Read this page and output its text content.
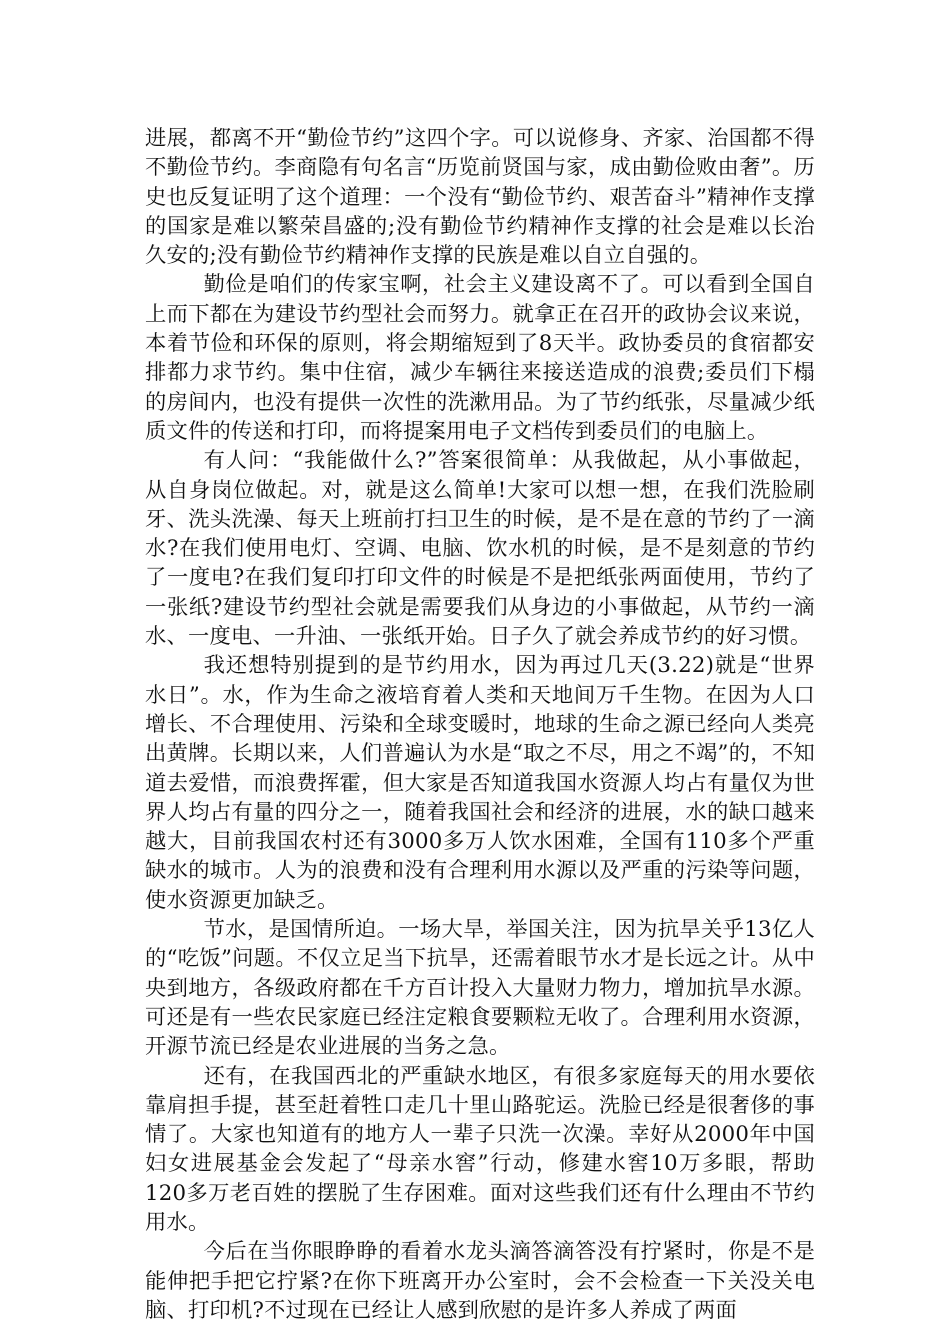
进展，都离不开“勤俭节约”这四个字。可以说修身、齐家、治国都不得不勤俭节约。李商隐有句名言“历览前贤国与家，成由勤俭败由奢”。历史也反复证明了这个道理：一个没有“勤俭节约、艰苦奋斗”精神作支撑的国家是难以繁荣昌盛的;没有勤俭节约精神作支撑的社会是难以长治久安的;没有勤俭节约精神作支撑的民族是难以自立自强的。

勤俭是咱们的传家宝啊，社会主义建设离不了。可以看到全国自上而下都在为建设节约型社会而努力。就拿正在召开的政协会议来说，本着节俭和环保的原则，将会期缩短到了8天半。政协委员的食宿都安排都力求节约。集中住宿，减少车辆往来接送造成的浪费;委员们下榻的房间内，也没有提供一次性的洗漱用品。为了节约纸张，尽量减少纸质文件的传送和打印，而将提案用电子文档传到委员们的电脑上。

有人问：“我能做什么?”答案很简单：从我做起，从小事做起，从自身岗位做起。对，就是这么简单!大家可以想一想，在我们洗脸刷牙、洗头洗澡、每天上班前打扫卫生的时候，是不是在意的节约了一滴水?在我们使用电灯、空调、电脑、饮水机的时候，是不是刻意的节约了一度电?在我们复印打印文件的时候是不是把纸张两面使用，节约了一张纸?建设节约型社会就是需要我们从身边的小事做起，从节约一滴水、一度电、一升油、一张纸开始。日子久了就会养成节约的好习惯。

我还想特别提到的是节约用水，因为再过几天(3.22)就是“世界水日”。水，作为生命之液培育着人类和天地间万千生物。在因为人口增长、不合理使用、污染和全球变暖时，地球的生命之源已经向人类亮出黄牌。长期以来，人们普遍认为水是“取之不尽，用之不竭”的，不知道去爱惜，而浪费挥霍，但大家是否知道我国水资源人均占有量仅为世界人均占有量的四分之一，随着我国社会和经济的进展，水的缺口越来越大，目前我国农村还有3000多万人饮水困难，全国有110多个严重缺水的城市。人为的浪费和没有合理利用水源以及严重的污染等问题，使水资源更加缺乏。

节水，是国情所迫。一场大旱，举国关注，因为抗旱关乎13亿人的“吃饭”问题。不仅立足当下抗旱，还需着眼节水才是长远之计。从中央到地方，各级政府都在千方百计投入大量财力物力，增加抗旱水源。可还是有一些农民家庭已经注定粮食要颗粒无收了。合理利用水资源，开源节流已经是农业进展的当务之急。

还有，在我国西北的严重缺水地区，有很多家庭每天的用水要依靠肩担手提，甚至赶着牲口走几十里山路驼运。洗脸已经是很奢侈的事情了。大家也知道有的地方人一辈子只洗一次澡。幸好从2000年中国妇女进展基金会发起了“母亲水窖”行动，修建水窖10万多眼，帮助120多万老百姓的摆脱了生存困难。面对这些我们还有什么理由不节约用水。

今后在当你眼睁睁的看着水龙头滴答滴答没有拧紧时，你是不是能伸把手把它拧紧?在你下班离开办公室时，会不会检查一下关没关电脑、打印机?不过现在已经让人感到欣慰的是许多人养成了两面
